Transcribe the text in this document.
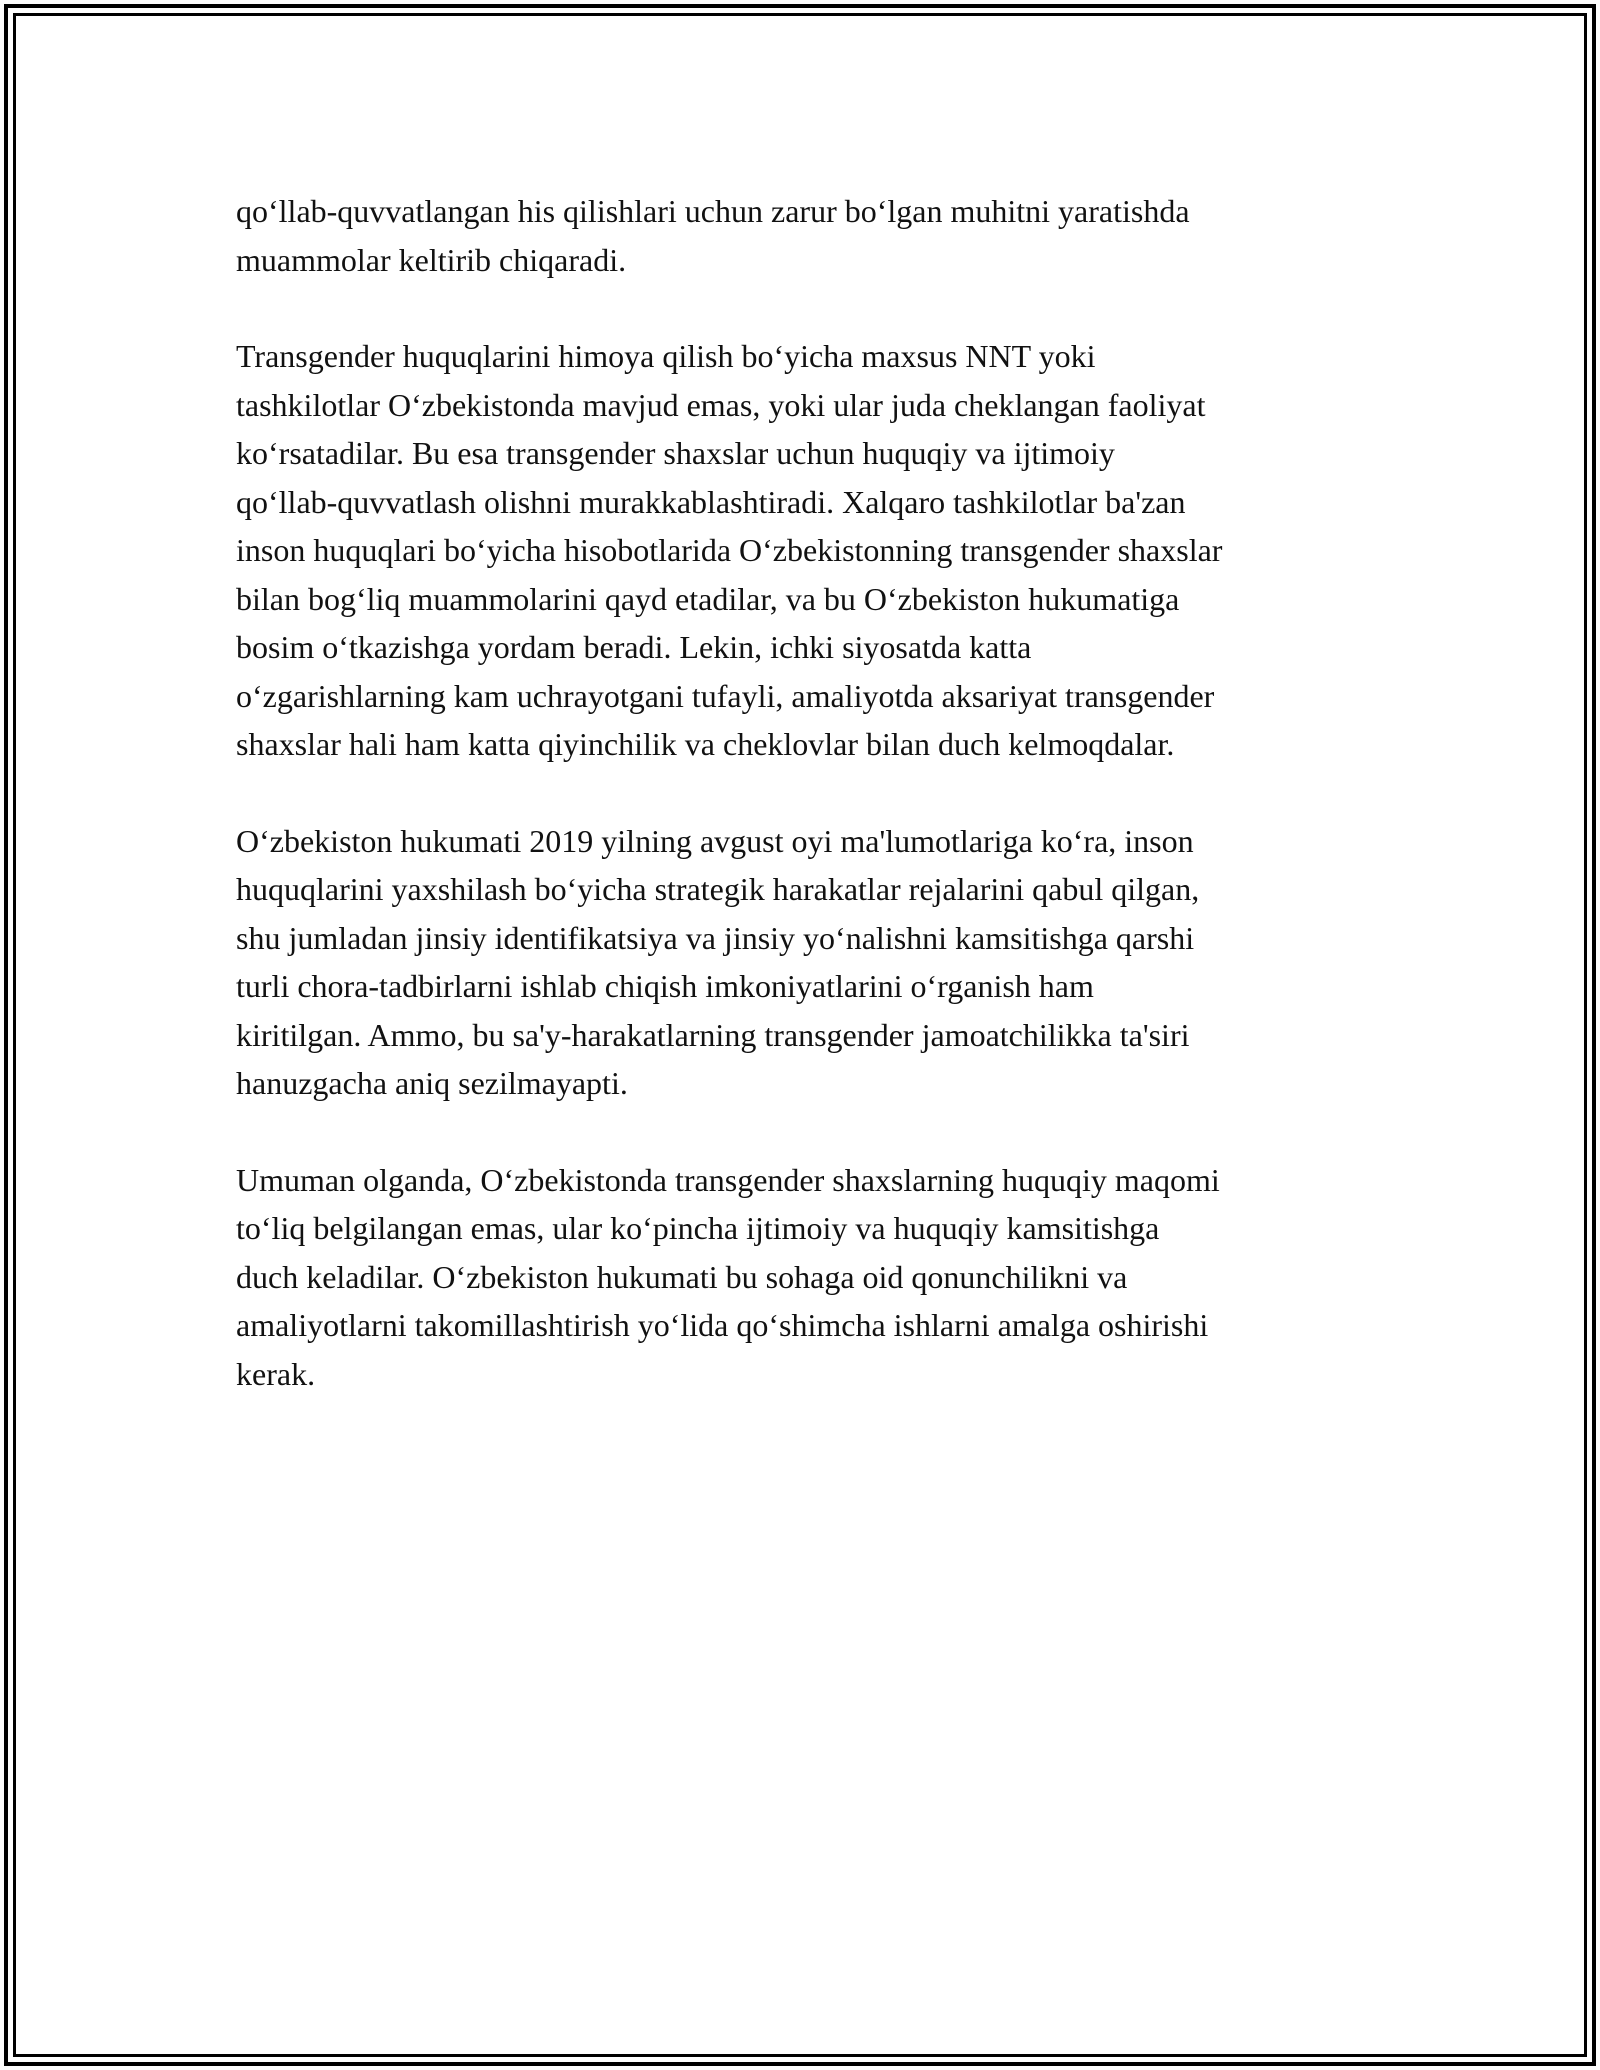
qo‘llab-quvvatlangan his qilishlari uchun zarur bo‘lgan muhitni yaratishda
muammolar keltirib chiqaradi.

Transgender huquqlarini himoya qilish bo‘yicha maxsus NNT yoki
tashkilotlar O‘zbekistonda mavjud emas, yoki ular juda cheklangan faoliyat
ko‘rsatadilar. Bu esa transgender shaxslar uchun huquqiy va ijtimoiy
qo‘llab-quvvatlash olishni murakkablashtiradi. Xalqaro tashkilotlar ba'zan
inson huquqlari bo‘yicha hisobotlarida O‘zbekistonning transgender shaxslar
bilan bog‘liq muammolarini qayd etadilar, va bu O‘zbekiston hukumatiga
bosim o‘tkazishga yordam beradi. Lekin, ichki siyosatda katta
o‘zgarishlarning kam uchrayotgani tufayli, amaliyotda aksariyat transgender
shaxslar hali ham katta qiyinchilik va cheklovlar bilan duch kelmoqdalar.

O‘zbekiston hukumati 2019 yilning avgust oyi ma'lumotlariga ko‘ra, inson
huquqlarini yaxshilash bo‘yicha strategik harakatlar rejalarini qabul qilgan,
shu jumladan jinsiy identifikatsiya va jinsiy yo‘nalishni kamsitishga qarshi
turli chora-tadbirlarni ishlab chiqish imkoniyatlarini o‘rganish ham
kiritilgan. Ammo, bu sa'y-harakatlarning transgender jamoatchilikka ta'siri
hanuzgacha aniq sezilmayapti.

Umuman olganda, O‘zbekistonda transgender shaxslarning huquqiy maqomi
to‘liq belgilangan emas, ular ko‘pincha ijtimoiy va huquqiy kamsitishga
duch keladilar. O‘zbekiston hukumati bu sohaga oid qonunchilikni va
amaliyotlarni takomillashtirish yo‘lida qo‘shimcha ishlarni amalga oshirishi
kerak.
